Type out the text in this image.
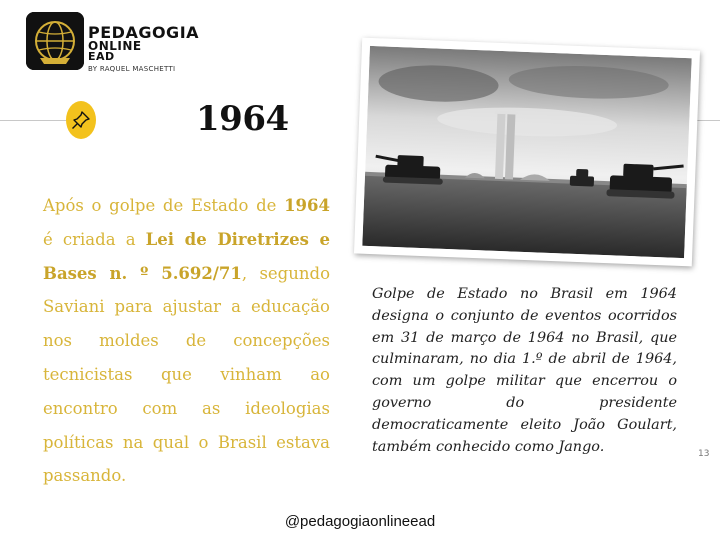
PEDAGOGIA
ONLINE
EAD
BY RAQUEL MASCHETTI
1964
Após o golpe de Estado de 1964 é criada a Lei de Diretrizes e Bases n. º 5.692/71, segundo Saviani para ajustar a educação nos moldes de concepções tecnicistas que vinham ao encontro com as ideologias políticas na qual o Brasil estava passando.
Golpe de Estado no Brasil em 1964 designa o conjunto de eventos ocorridos em 31 de março de 1964 no Brasil, que culminaram, no dia 1.º de abril de 1964, com um golpe militar que encerrou o governo do presidente democraticamente eleito João Goulart, também conhecido como Jango.	13
@pedagogiaonlineead
